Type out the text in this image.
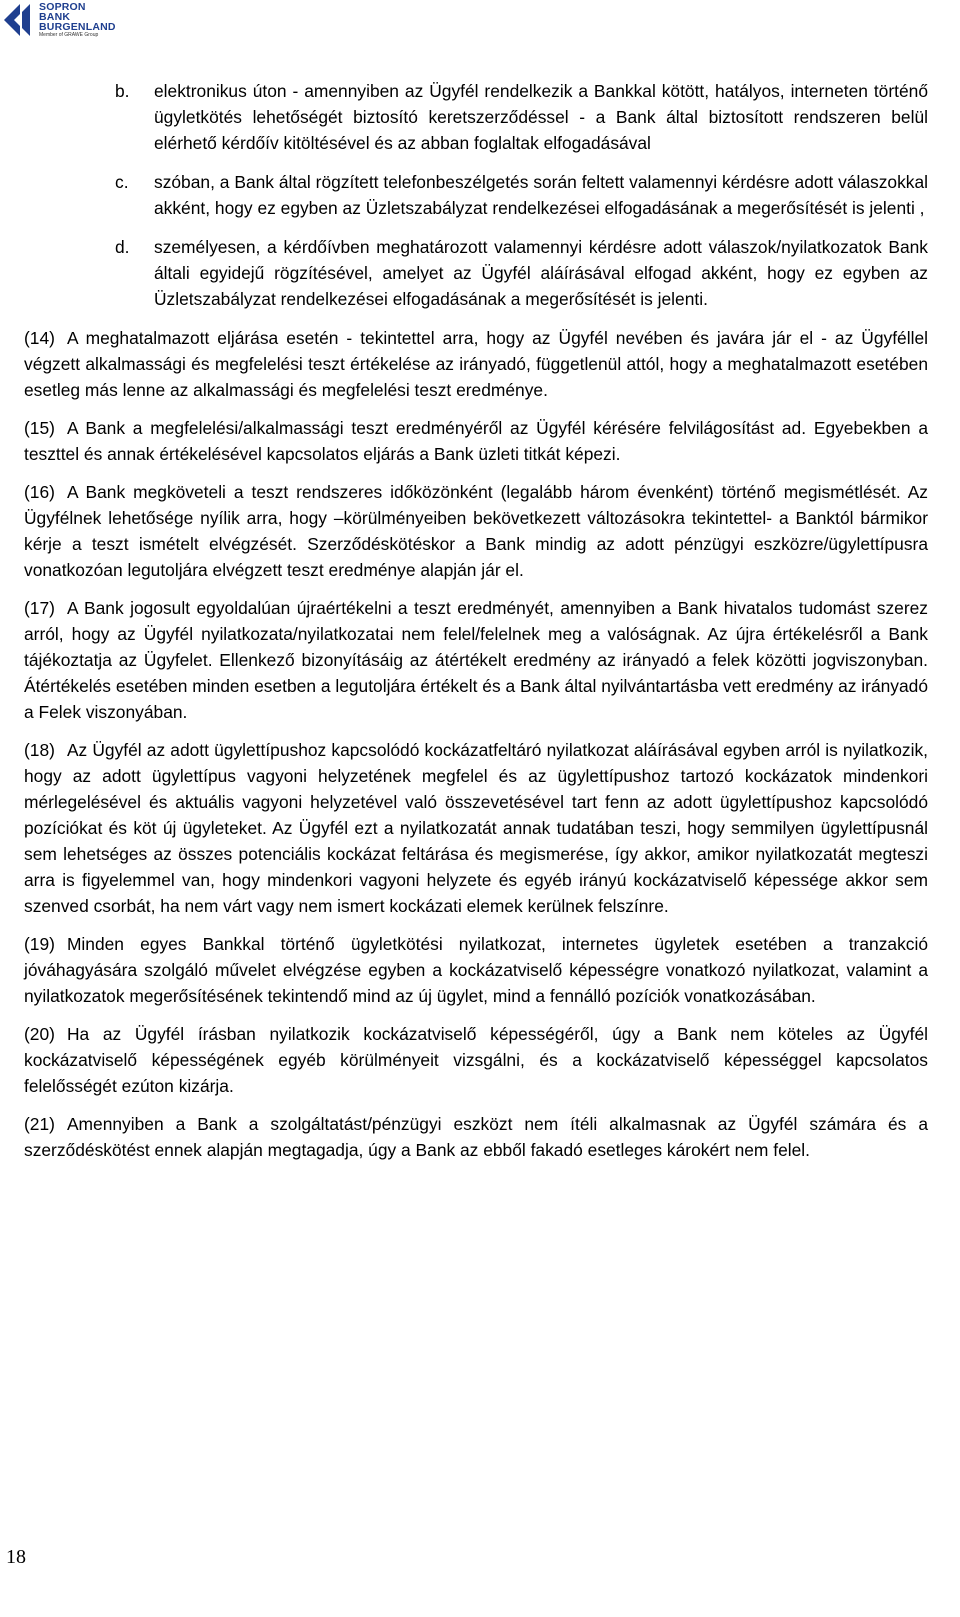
SOPRON
BANK
BURGENLAND
Member of GRAWE Group
b. elektronikus úton - amennyiben az Ügyfél rendelkezik a Bankkal kötött, hatályos, interneten történő ügyletkötés lehetőségét biztosító keretszerződéssel - a Bank által biztosított rendszeren belül elérhető kérdőív kitöltésével és az abban foglaltak elfogadásával
c. szóban, a Bank által rögzített telefonbeszélgetés során feltett valamennyi kérdésre adott válaszokkal akként, hogy ez egyben az Üzletszabályzat rendelkezései elfogadásának a megerősítését is jelenti ,
d. személyesen, a kérdőívben meghatározott valamennyi kérdésre adott válaszok/nyilatkozatok Bank általi egyidejű rögzítésével, amelyet az Ügyfél aláírásával elfogad akként, hogy ez egyben az Üzletszabályzat rendelkezései elfogadásának a megerősítését is jelenti.
(14) A meghatalmazott eljárása esetén - tekintettel arra, hogy az Ügyfél nevében és javára jár el - az Ügyféllel végzett alkalmassági és megfelelési teszt értékelése az irányadó, függetlenül attól, hogy a meghatalmazott esetében esetleg más lenne az alkalmassági és megfelelési teszt eredménye.
(15) A Bank a megfelelési/alkalmassági teszt eredményéről az Ügyfél kérésére felvilágosítást ad. Egyebekben a teszttel és annak értékelésével kapcsolatos eljárás a Bank üzleti titkát képezi.
(16) A Bank megköveteli a teszt rendszeres időközönként (legalább három évenként) történő megismétlését. Az Ügyfélnek lehetősége nyílik arra, hogy –körülményeiben bekövetkezett változásokra tekintettel- a Banktól bármikor kérje a teszt ismételt elvégzését. Szerződéskötéskor a Bank mindig az adott pénzügyi eszközre/ügylettípusra vonatkozóan legutoljára elvégzett teszt eredménye alapján jár el.
(17) A Bank jogosult egyoldalúan újraértékelni a teszt eredményét, amennyiben a Bank hivatalos tudomást szerez arról, hogy az Ügyfél nyilatkozata/nyilatkozatai nem felel/felelnek meg a valóságnak. Az újra értékelésről a Bank tájékoztatja az Ügyfelet. Ellenkező bizonyításáig az átértékelt eredmény az irányadó a felek közötti jogviszonyban. Átértékelés esetében minden esetben a legutoljára értékelt és a Bank által nyilvántartásba vett eredmény az irányadó a Felek viszonyában.
(18) Az Ügyfél az adott ügylettípushoz kapcsolódó kockázatfeltáró nyilatkozat aláírásával egyben arról is nyilatkozik, hogy az adott ügylettípus vagyoni helyzetének megfelel és az ügylettípushoz tartozó kockázatok mindenkori mérlegelésével és aktuális vagyoni helyzetével való összevetésével tart fenn az adott ügylettípushoz kapcsolódó pozíciókat és köt új ügyleteket. Az Ügyfél ezt a nyilatkozatát annak tudatában teszi, hogy semmilyen ügylettípusnál sem lehetséges az összes potenciális kockázat feltárása és megismerése, így akkor, amikor nyilatkozatát megteszi arra is figyelemmel van, hogy mindenkori vagyoni helyzete és egyéb irányú kockázatviselő képessége akkor sem szenved csorbát, ha nem várt vagy nem ismert kockázati elemek kerülnek felszínre.
(19) Minden egyes Bankkal történő ügyletkötési nyilatkozat, internetes ügyletek esetében a tranzakció jóváhagyására szolgáló művelet elvégzése egyben a kockázatviselő képességre vonatkozó nyilatkozat, valamint a nyilatkozatok megerősítésének tekintendő mind az új ügylet, mind a fennálló pozíciók vonatkozásában.
(20) Ha az Ügyfél írásban nyilatkozik kockázatviselő képességéről, úgy a Bank nem köteles az Ügyfél kockázatviselő képességének egyéb körülményeit vizsgálni, és a kockázatviselő képességgel kapcsolatos felelősségét ezúton kizárja.
(21) Amennyiben a Bank a szolgáltatást/pénzügyi eszközt nem ítéli alkalmasnak az Ügyfél számára és a szerződéskötést ennek alapján megtagadja, úgy a Bank az ebből fakadó esetleges károkért nem felel.
18
